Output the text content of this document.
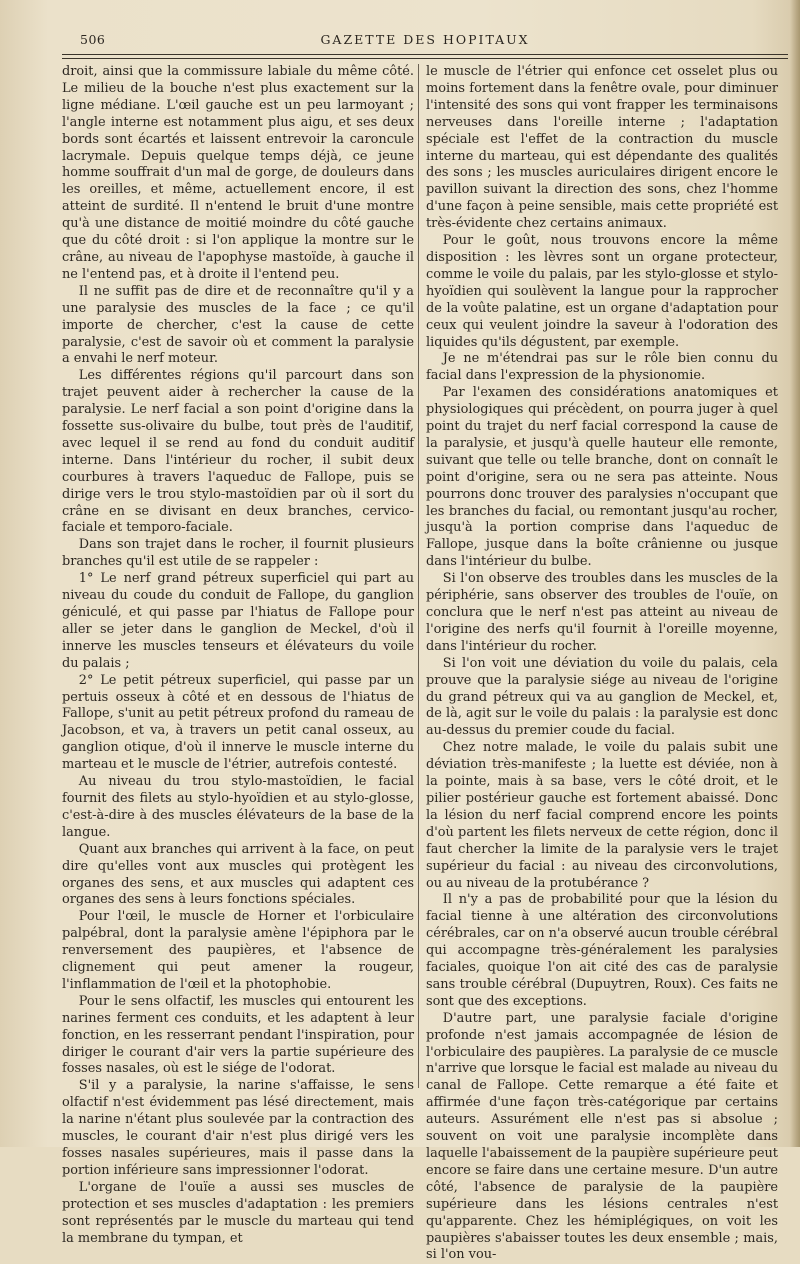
506	GAZETTE DES HOPITAUX

droit, ainsi que la commissure labiale du même côté. Le milieu de la bouche n'est plus exactement sur la ligne médiane. L'œil gauche est un peu larmoyant ; l'angle interne est notamment plus aigu, et ses deux bords sont écartés et laissent entrevoir la caroncule lacrymale. Depuis quelque temps déjà, ce jeune homme souffrait d'un mal de gorge, de douleurs dans les oreilles, et même, actuellement encore, il est atteint de surdité. Il n'entend le bruit d'une montre qu'à une distance de moitié moindre du côté gauche que du côté droit : si l'on applique la montre sur le crâne, au niveau de l'apophyse mastoïde, à gauche il ne l'entend pas, et à droite il l'entend peu.

Il ne suffit pas de dire et de reconnaître qu'il y a une paralysie des muscles de la face ; ce qu'il importe de chercher, c'est la cause de cette paralysie, c'est de savoir où et comment la paralysie a envahi le nerf moteur.

Les différentes régions qu'il parcourt dans son trajet peuvent aider à rechercher la cause de la paralysie. Le nerf facial a son point d'origine dans la fossette sus-olivaire du bulbe, tout près de l'auditif, avec lequel il se rend au fond du conduit auditif interne. Dans l'intérieur du rocher, il subit deux courbures à travers l'aqueduc de Fallope, puis se dirige vers le trou stylo-mastoïdien par où il sort du crâne en se divisant en deux branches, cervico-faciale et temporo-faciale.

Dans son trajet dans le rocher, il fournit plusieurs branches qu'il est utile de se rappeler :

1° Le nerf grand pétreux superficiel qui part au niveau du coude du conduit de Fallope, du ganglion géniculé, et qui passe par l'hiatus de Fallope pour aller se jeter dans le ganglion de Meckel, d'où il innerve les muscles tenseurs et élévateurs du voile du palais ;

2° Le petit pétreux superficiel, qui passe par un pertuis osseux à côté et en dessous de l'hiatus de Fallope, s'unit au petit pétreux profond du rameau de Jacobson, et va, à travers un petit canal osseux, au ganglion otique, d'où il innerve le muscle interne du marteau et le muscle de l'étrier, autrefois contesté.

Au niveau du trou stylo-mastoïdien, le facial fournit des filets au stylo-hyoïdien et au stylo-glosse, c'est-à-dire à des muscles élévateurs de la base de la langue.

Quant aux branches qui arrivent à la face, on peut dire qu'elles vont aux muscles qui protègent les organes des sens, et aux muscles qui adaptent ces organes des sens à leurs fonctions spéciales.

Pour l'œil, le muscle de Horner et l'orbiculaire palpébral, dont la paralysie amène l'épiphora par le renversement des paupières, et l'absence de clignement qui peut amener la rougeur, l'inflammation de l'œil et la photophobie.

Pour le sens olfactif, les muscles qui entourent les narines ferment ces conduits, et les adaptent à leur fonction, en les resserrant pendant l'inspiration, pour diriger le courant d'air vers la partie supérieure des fosses nasales, où est le siége de l'odorat.

S'il y a paralysie, la narine s'affaisse, le sens olfactif n'est évidemment pas lésé directement, mais la narine n'étant plus soulevée par la contraction des muscles, le courant d'air n'est plus dirigé vers les fosses nasales supérieures, mais il passe dans la portion inférieure sans impressionner l'odorat.

L'organe de l'ouïe a aussi ses muscles de protection et ses muscles d'adaptation : les premiers sont représentés par le muscle du marteau qui tend la membrane du tympan, et

le muscle de l'étrier qui enfonce cet osselet plus ou moins fortement dans la fenêtre ovale, pour diminuer l'intensité des sons qui vont frapper les terminaisons nerveuses dans l'oreille interne ; l'adaptation spéciale est l'effet de la contraction du muscle interne du marteau, qui est dépendante des qualités des sons ; les muscles auriculaires dirigent encore le pavillon suivant la direction des sons, chez l'homme d'une façon à peine sensible, mais cette propriété est très-évidente chez certains animaux.

Pour le goût, nous trouvons encore la même disposition : les lèvres sont un organe protecteur, comme le voile du palais, par les stylo-glosse et stylo-hyoïdien qui soulèvent la langue pour la rapprocher de la voûte palatine, est un organe d'adaptation pour ceux qui veulent joindre la saveur à l'odoration des liquides qu'ils dégustent, par exemple.

Je ne m'étendrai pas sur le rôle bien connu du facial dans l'expression de la physionomie.

Par l'examen des considérations anatomiques et physiologiques qui précèdent, on pourra juger à quel point du trajet du nerf facial correspond la cause de la paralysie, et jusqu'à quelle hauteur elle remonte, suivant que telle ou telle branche, dont on connaît le point d'origine, sera ou ne sera pas atteinte. Nous pourrons donc trouver des paralysies n'occupant que les branches du facial, ou remontant jusqu'au rocher, jusqu'à la portion comprise dans l'aqueduc de Fallope, jusque dans la boîte crânienne ou jusque dans l'intérieur du bulbe.

Si l'on observe des troubles dans les muscles de la périphérie, sans observer des troubles de l'ouïe, on conclura que le nerf n'est pas atteint au niveau de l'origine des nerfs qu'il fournit à l'oreille moyenne, dans l'intérieur du rocher.

Si l'on voit une déviation du voile du palais, cela prouve que la paralysie siége au niveau de l'origine du grand pétreux qui va au ganglion de Meckel, et, de là, agit sur le voile du palais : la paralysie est donc au-dessus du premier coude du facial.

Chez notre malade, le voile du palais subit une déviation très-manifeste ; la luette est déviée, non à la pointe, mais à sa base, vers le côté droit, et le pilier postérieur gauche est fortement abaissé. Donc la lésion du nerf facial comprend encore les points d'où partent les filets nerveux de cette région, donc il faut chercher la limite de la paralysie vers le trajet supérieur du facial : au niveau des circonvolutions, ou au niveau de la protubérance ?

Il n'y a pas de probabilité pour que la lésion du facial tienne à une altération des circonvolutions cérébrales, car on n'a observé aucun trouble cérébral qui accompagne très-généralement les paralysies faciales, quoique l'on ait cité des cas de paralysie sans trouble cérébral (Dupuytren, Roux). Ces faits ne sont que des exceptions.

D'autre part, une paralysie faciale d'origine profonde n'est jamais accompagnée de lésion de l'orbiculaire des paupières. La paralysie de ce muscle n'arrive que lorsque le facial est malade au niveau du canal de Fallope. Cette remarque a été faite et affirmée d'une façon très-catégorique par certains auteurs. Assurément elle n'est pas si absolue ; souvent on voit une paralysie incomplète dans laquelle l'abaissement de la paupière supérieure peut encore se faire dans une certaine mesure. D'un autre côté, l'absence de paralysie de la paupière supérieure dans les lésions centrales n'est qu'apparente. Chez les hémiplégiques, on voit les paupières s'abaisser toutes les deux ensemble ; mais, si l'on vou-
